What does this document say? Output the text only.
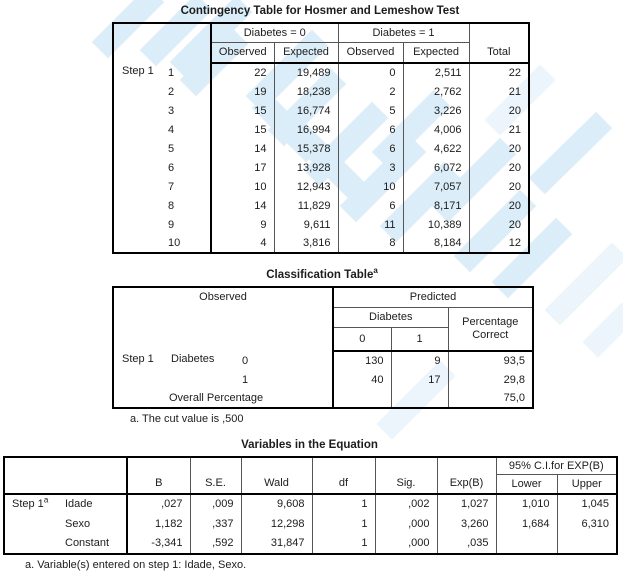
Contingency Table for Hosmer and Lemeshow Test
		Diabetes = 0		Diabetes = 1		Total
		Observed	Expected	Observed	Expected	
Step 1	1	22	19,489	0	2,511	22
	2	19	18,238	2	2,762	21
	3	15	16,774	5	3,226	20
	4	15	16,994	6	4,006	21
	5	14	15,378	6	4,622	20
	6	17	13,928	3	6,072	20
	7	10	12,943	10	7,057	20
	8	14	11,829	6	8,171	20
	9	9	9,611	11	10,389	20
	10	4	3,816	8	8,184	12
Classification Table$^a$
Observed			Predicted		
			Diabetes		Percentage Correct
			0	1	
Step 1	Diabetes	0	130	9	93,5
		1	40	17	29,8
	Overall Percentage				75,0
a. The cut value is ,500
Variables in the Equation
		B	S.E.	Wald	df	Sig.	Exp(B)	95% C.I.for EXP(B)	
								Lower	Upper
Step 1$^a$	Idade	,027	,009	9,608	1	,002	1,027	1,010	1,045
	Sexo	1,182	,337	12,298	1	,000	3,260	1,684	6,310
	Constant	-3,341	,592	31,847	1	,000	,035		
a. Variable(s) entered on step 1: Idade, Sexo.
